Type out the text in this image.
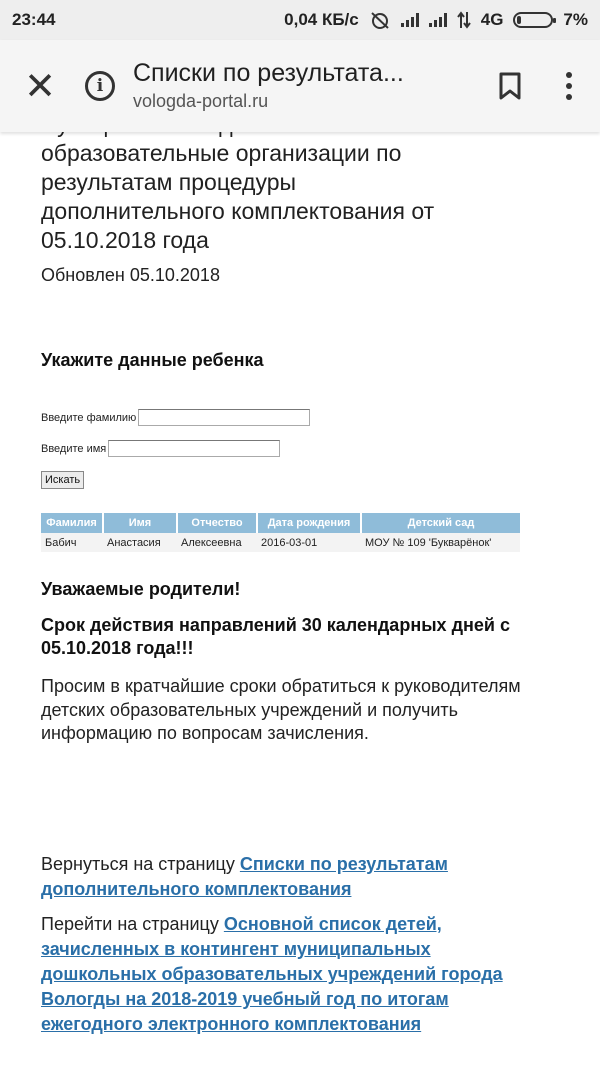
23:44	0,04 КБ/с	4G	7%
✕	i	Списки по результата...
vologda-portal.ru
образовательные организации по
результатам процедуры
дополнительного комплектования от
05.10.2018 года
Обновлен 05.10.2018
Укажите данные ребенка
Введите фамилию
Введите имя
Искать
Фамилия	Имя	Отчество	Дата рождения	Детский сад
Бабич	Анастасия	Алексеевна	2016-03-01	МОУ № 109 'Букварёнок'
Уважаемые родители!
Срок действия направлений 30 календарных дней с 05.10.2018 года!!!
Просим в кратчайшие сроки обратиться к руководителям детских образовательных учреждений и получить информацию по вопросам зачисления.
Вернуться на страницу Списки по результатам дополнительного комплектования
Перейти на страницу Основной список детей, зачисленных в контингент муниципальных дошкольных образовательных учреждений города Вологды на 2018-2019 учебный год по итогам ежегодного электронного комплектования
